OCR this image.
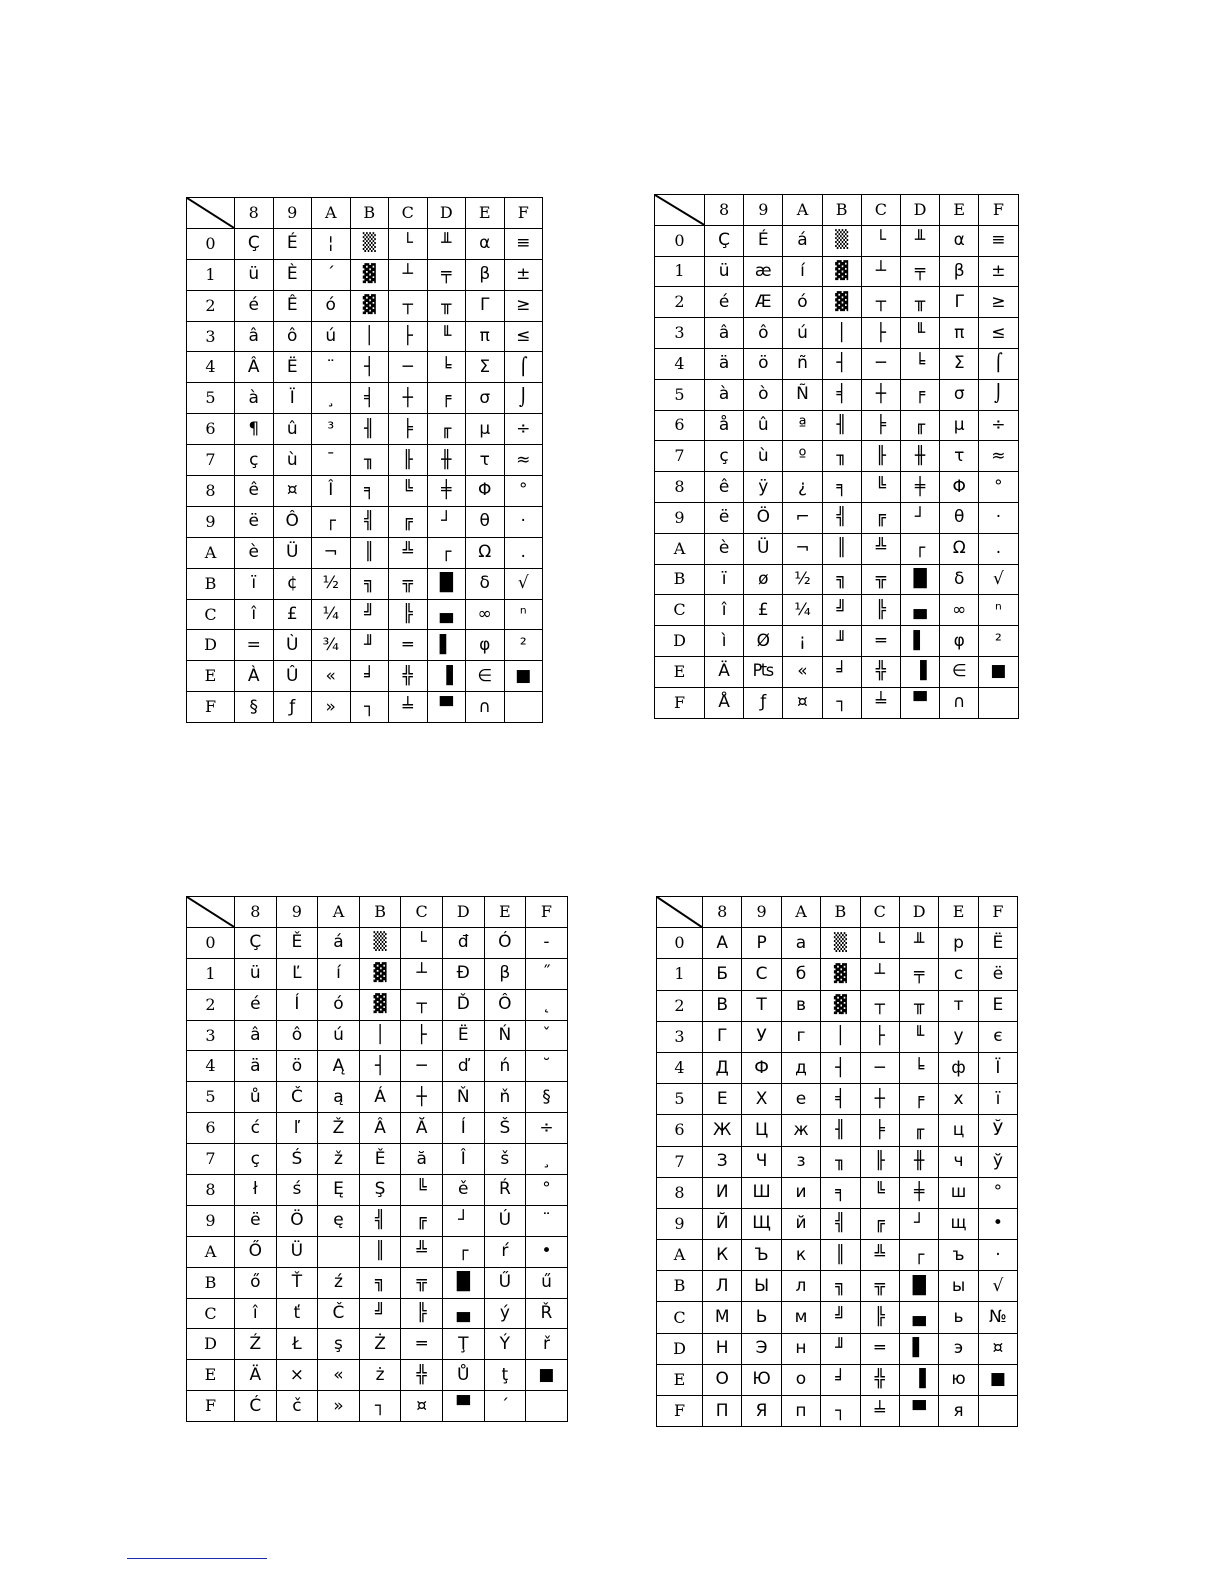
	8	9	A	B	C	D	E	F
0	Ç	É	¦	▒	└	╨	α	≡
1	ü	È	´	▓	┴	╤	β	±
2	é	Ê	ó	▓	┬	╥	Γ	≥
3	â	ô	ú	│	├	╙	π	≤
4	Â	Ë	¨	┤	─	╘	Σ	⌠
5	à	Ï	¸	╡	┼	╒	σ	⌡
6	¶	û	³	╢	╞	╓	µ	÷
7	ç	ù	¯	╖	╟	╫	τ	≈
8	ê	¤	Î	╕	╚	╪	Φ	°
9	ë	Ô	┌	╣	╔	┘	θ	·
A	è	Ü	¬	║	╩	┌	Ω	.
B	ï	¢	½	╗	╦	█	δ	√
C	î	£	¼	╝	╠	▄	∞	ⁿ
D	=	Ù	¾	╜	═	▌	φ	²
E	À	Û	«	╛	╬	▐	∈	■
F	§	ƒ	»	┐	╧	▀	∩	
	8	9	A	B	C	D	E	F
0	Ç	É	á	▒	└	╨	α	≡
1	ü	æ	í	▓	┴	╤	β	±
2	é	Æ	ó	▓	┬	╥	Γ	≥
3	â	ô	ú	│	├	╙	π	≤
4	ä	ö	ñ	┤	─	╘	Σ	⌠
5	à	ò	Ñ	╡	┼	╒	σ	⌡
6	å	û	ª	╢	╞	╓	µ	÷
7	ç	ù	º	╖	╟	╫	τ	≈
8	ê	ÿ	¿	╕	╚	╪	Φ	°
9	ë	Ö	⌐	╣	╔	┘	θ	·
A	è	Ü	¬	║	╩	┌	Ω	.
B	ï	ø	½	╗	╦	█	δ	√
C	î	£	¼	╝	╠	▄	∞	ⁿ
D	ì	Ø	¡	╜	═	▌	φ	²
E	Ä	₧	«	╛	╬	▐	∈	■
F	Å	ƒ	¤	┐	╧	▀	∩	
	8	9	A	B	C	D	E	F
0	Ç	Ě	á	▒	└	đ	Ó	-
1	ü	Ľ	í	▓	┴	Đ	β	˝
2	é	Í	ó	▓	┬	Ď	Ô	˛
3	â	ô	ú	│	├	Ë	Ń	ˇ
4	ä	ö	Ą	┤	─	ď	ń	˘
5	ů	Č	ą	Á	┼	Ň	ň	§
6	ć	ľ	Ž	Â	Ă	Í	Š	÷
7	ç	Ś	ž	Ě	ă	Î	š	¸
8	ł	ś	Ę	Ş	╚	ě	Ŕ	°
9	ë	Ö	ę	╣	╔	┘	Ú	¨
A	Ő	Ü		║	╩	┌	ŕ	•
B	ő	Ť	ź	╗	╦	█	Ű	ű
C	î	ť	Č	╝	╠	▄	ý	Ř
D	Ź	Ł	ş	Ż	═	Ţ	Ý	ř
E	Ä	×	«	ż	╬	Ů	ţ	■
F	Ć	č	»	┐	¤	▀	´	
	8	9	A	B	C	D	E	F
0	А	Р	а	▒	└	╨	р	Ё
1	Б	С	б	▓	┴	╤	с	ё
2	В	Т	в	▓	┬	╥	т	Е
3	Г	У	г	│	├	╙	у	є
4	Д	Ф	д	┤	─	╘	ф	Ї
5	Е	Х	е	╡	┼	╒	х	ї
6	Ж	Ц	ж	╢	╞	╓	ц	Ў
7	З	Ч	з	╖	╟	╫	ч	ў
8	И	Ш	и	╕	╚	╪	ш	°
9	Й	Щ	й	╣	╔	┘	щ	•
A	К	Ъ	к	║	╩	┌	ъ	·
B	Л	Ы	л	╗	╦	█	ы	√
C	М	Ь	м	╝	╠	▄	ь	№
D	Н	Э	н	╜	═	▌	э	¤
E	О	Ю	о	╛	╬	▐	ю	■
F	П	Я	п	┐	╧	▀	я	
